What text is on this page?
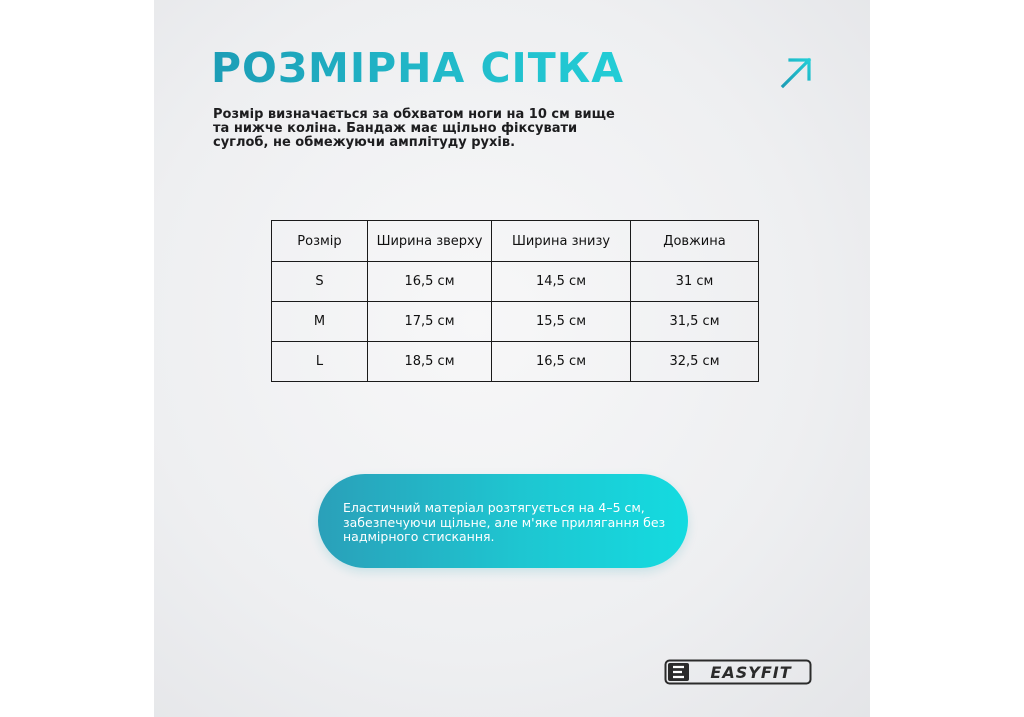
РОЗМІРНА СІТКА

Розмір визначається за обхватом ноги на 10 см вище та нижче коліна. Бандаж має щільно фіксувати суглоб, не обмежуючи амплітуду рухів.

Розмір	Ширина зверху	Ширина знизу	Довжина
S	16,5 см	14,5 см	31 см
M	17,5 см	15,5 см	31,5 см
L	18,5 см	16,5 см	32,5 см

Еластичний матеріал розтягується на 4–5 см, забезпечуючи щільне, але м'яке прилягання без надмірного стискання.

EASYFIT
